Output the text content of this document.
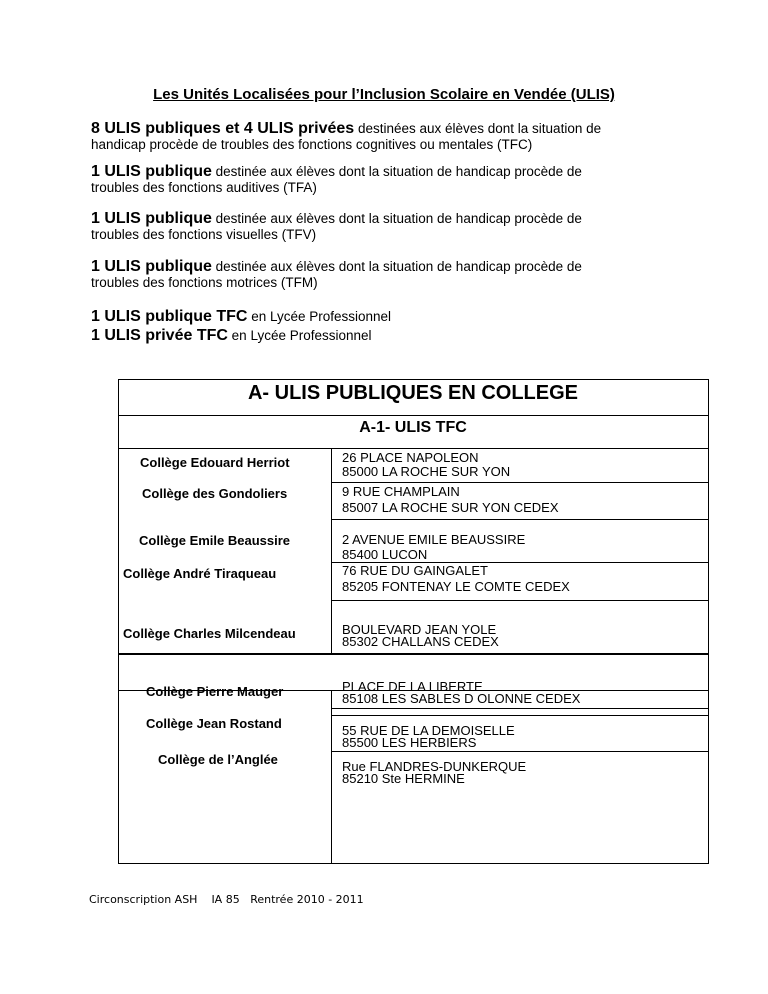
Les Unités Localisées pour l’Inclusion Scolaire en Vendée (ULIS)
8 ULIS publiques et 4 ULIS privées destinées aux élèves dont la situation de
handicap procède de troubles des fonctions cognitives ou mentales (TFC)
1 ULIS publique destinée aux élèves dont la situation de handicap procède de
troubles des fonctions auditives (TFA)
1 ULIS publique destinée aux élèves dont la situation de handicap procède de
troubles des fonctions visuelles (TFV)
1 ULIS publique destinée aux élèves dont la situation de handicap procède de
troubles des fonctions motrices (TFM)
1 ULIS publique TFC en Lycée Professionnel
1 ULIS privée TFC en Lycée Professionnel
A- ULIS PUBLIQUES EN COLLEGE
A-1- ULIS TFC
Collège Edouard Herriot	26 PLACE NAPOLEON
85000 LA ROCHE SUR YON
Collège des Gondoliers	9 RUE CHAMPLAIN
85007 LA ROCHE SUR YON CEDEX
Collège Emile Beaussire	2 AVENUE EMILE BEAUSSIRE
85400 LUCON
Collège André Tiraqueau	76 RUE DU GAINGALET
85205 FONTENAY LE COMTE CEDEX
Collège Charles Milcendeau	BOULEVARD JEAN YOLE
85302 CHALLANS CEDEX
Collège Pierre Mauger	PLACE DE LA LIBERTE
85108 LES SABLES D OLONNE CEDEX
Collège Jean Rostand	55 RUE DE LA DEMOISELLE
85500 LES HERBIERS
Collège de l’Anglée	Rue FLANDRES-DUNKERQUE
85210 Ste HERMINE
Circonscription ASH    IA 85   Rentrée 2010 - 2011
